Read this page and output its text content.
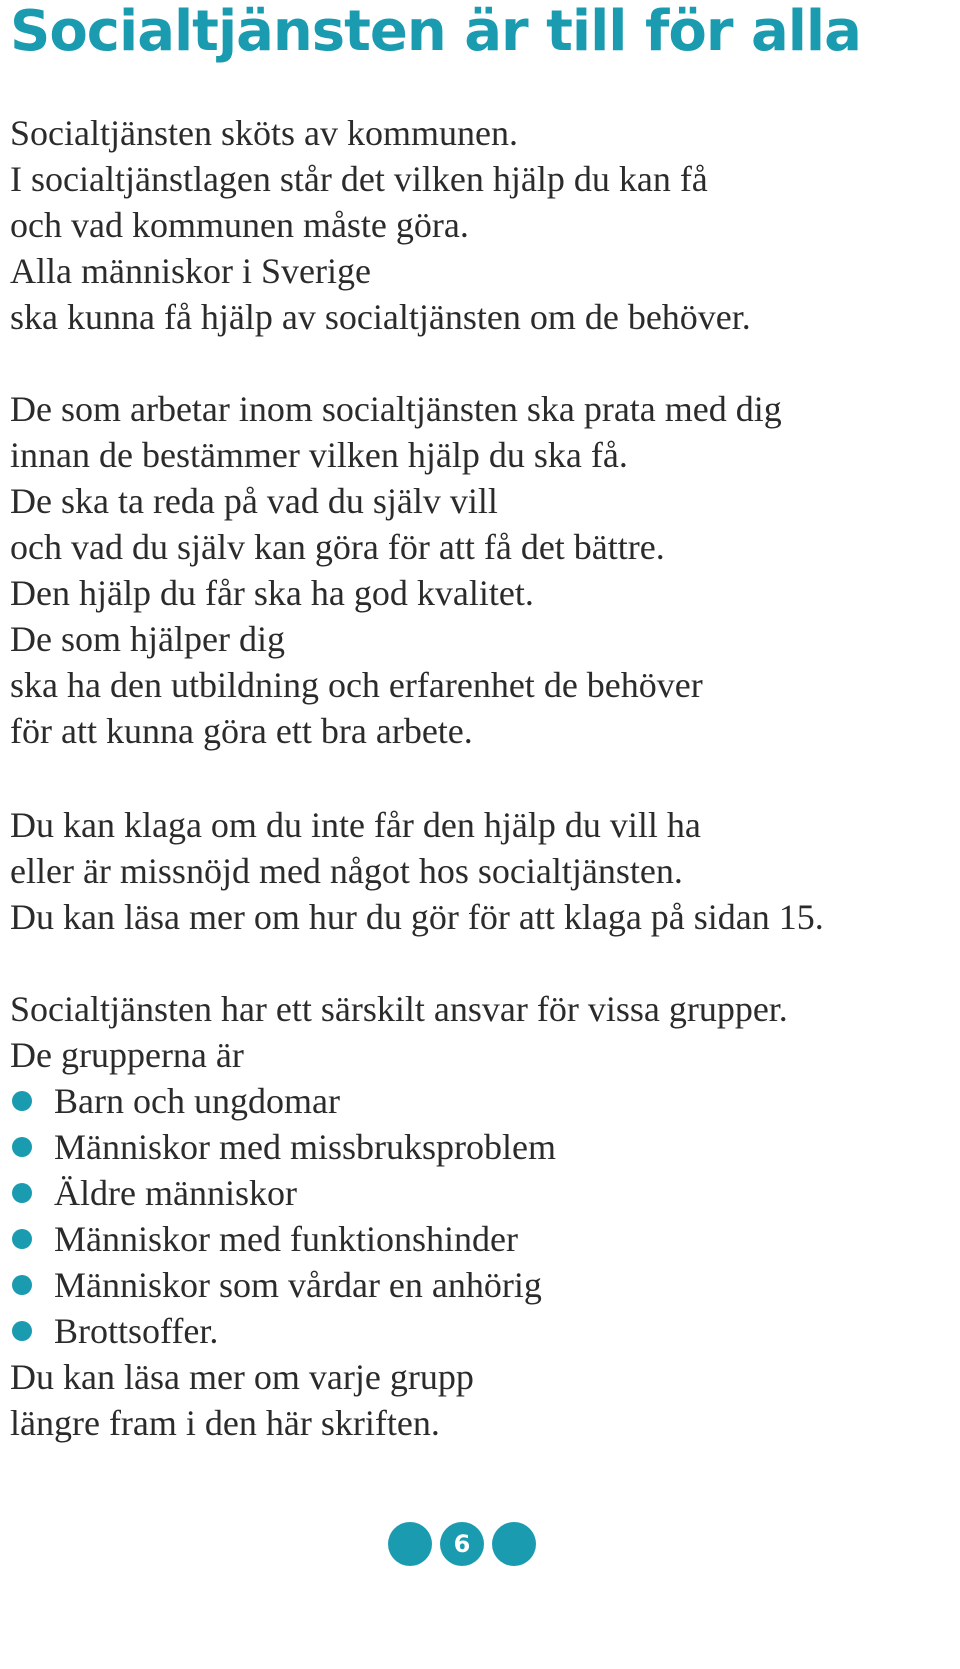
Socialtjänsten är till för alla

Socialtjänsten sköts av kommunen.
I socialtjänstlagen står det vilken hjälp du kan få
och vad kommunen måste göra.
Alla människor i Sverige
ska kunna få hjälp av socialtjänsten om de behöver.

De som arbetar inom socialtjänsten ska prata med dig
innan de bestämmer vilken hjälp du ska få.
De ska ta reda på vad du själv vill
och vad du själv kan göra för att få det bättre.
Den hjälp du får ska ha god kvalitet.
De som hjälper dig
ska ha den utbildning och erfarenhet de behöver
för att kunna göra ett bra arbete.

Du kan klaga om du inte får den hjälp du vill ha
eller är missnöjd med något hos socialtjänsten.
Du kan läsa mer om hur du gör för att klaga på sidan 15.

Socialtjänsten har ett särskilt ansvar för vissa grupper.
De grupperna är

Barn och ungdomar
Människor med missbruksproblem
Äldre människor
Människor med funktionshinder
Människor som vårdar en anhörig
Brottsoffer.

Du kan läsa mer om varje grupp
längre fram i den här skriften.

6
